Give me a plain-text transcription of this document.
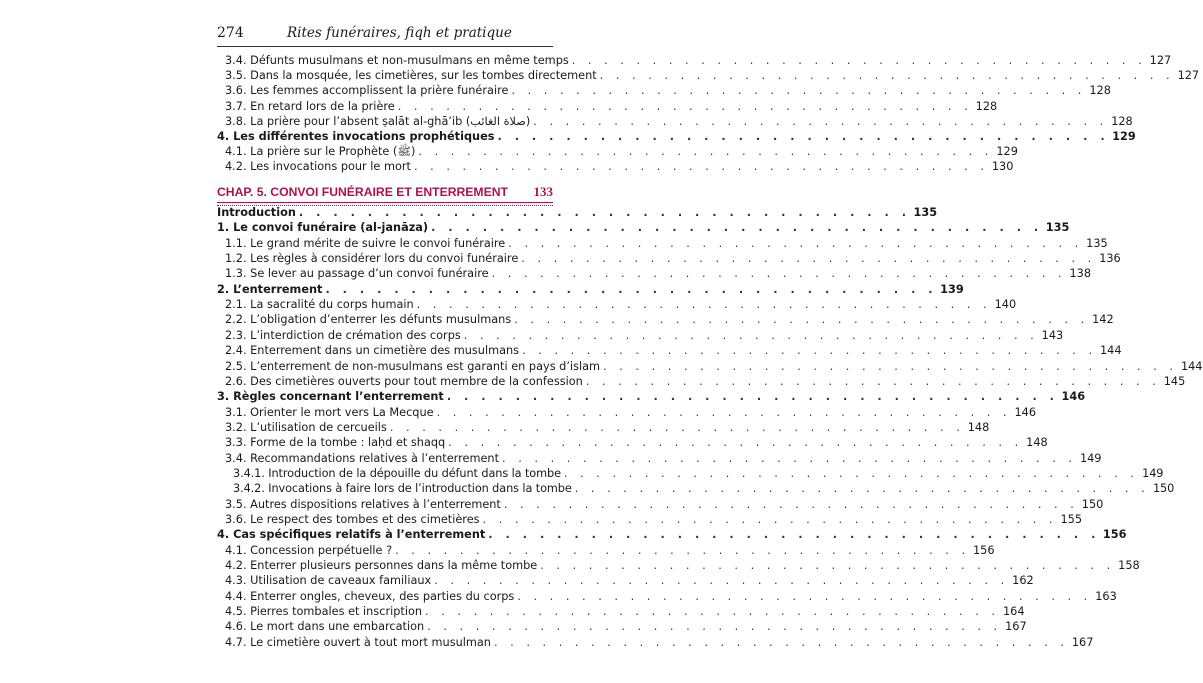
274	Rites funéraires, fiqh et pratique
3.4. Défunts musulmans et non-musulmans en même temps . . . . . . . . . . . . . . . . . . . . . . . . . . . . . . . . . . . . 127
3.5. Dans la mosquée, les cimetières, sur les tombes directement . . . . . . . . . . . . . . . . . . . . . . . . . . . . . . . . . . . . 127
3.6. Les femmes accomplissent la prière funéraire . . . . . . . . . . . . . . . . . . . . . . . . . . . . . . . . . . . . 128
3.7. En retard lors de la prière . . . . . . . . . . . . . . . . . . . . . . . . . . . . . . . . . . . . 128
3.8. La prière pour l’absent ṣalāt al-ghā’ib (صلاة الغائب) . . . . . . . . . . . . . . . . . . . . . . . . . . . . . . . . . . . . 128
4. Les différentes invocations prophétiques . . . . . . . . . . . . . . . . . . . . . . . . . . . . . . . . . . . . 129
4.1. La prière sur le Prophète (ﷺ) . . . . . . . . . . . . . . . . . . . . . . . . . . . . . . . . . . . . 129
4.2. Les invocations pour le mort . . . . . . . . . . . . . . . . . . . . . . . . . . . . . . . . . . . . 130
CHAP. 5. CONVOI FUNÉRAIRE ET ENTERREMENT 133
Introduction . . . . . . . . . . . . . . . . . . . . . . . . . . . . . . . . . . . . 135
1. Le convoi funéraire (al-janāza) . . . . . . . . . . . . . . . . . . . . . . . . . . . . . . . . . . . . 135
1.1. Le grand mérite de suivre le convoi funéraire . . . . . . . . . . . . . . . . . . . . . . . . . . . . . . . . . . . . 135
1.2. Les règles à considérer lors du convoi funéraire . . . . . . . . . . . . . . . . . . . . . . . . . . . . . . . . . . . . 136
1.3. Se lever au passage d’un convoi funéraire . . . . . . . . . . . . . . . . . . . . . . . . . . . . . . . . . . . . 138
2. L’enterrement . . . . . . . . . . . . . . . . . . . . . . . . . . . . . . . . . . . . 139
2.1. La sacralité du corps humain . . . . . . . . . . . . . . . . . . . . . . . . . . . . . . . . . . . . 140
2.2. L’obligation d’enterrer les défunts musulmans . . . . . . . . . . . . . . . . . . . . . . . . . . . . . . . . . . . . 142
2.3. L’interdiction de crémation des corps . . . . . . . . . . . . . . . . . . . . . . . . . . . . . . . . . . . . 143
2.4. Enterrement dans un cimetière des musulmans . . . . . . . . . . . . . . . . . . . . . . . . . . . . . . . . . . . . 144
2.5. L’enterrement de non-musulmans est garanti en pays d’islam . . . . . . . . . . . . . . . . . . . . . . . . . . . . . . . . . . . . 144
2.6. Des cimetières ouverts pour tout membre de la confession . . . . . . . . . . . . . . . . . . . . . . . . . . . . . . . . . . . . 145
3. Règles concernant l’enterrement . . . . . . . . . . . . . . . . . . . . . . . . . . . . . . . . . . . . 146
3.1. Orienter le mort vers La Mecque . . . . . . . . . . . . . . . . . . . . . . . . . . . . . . . . . . . . 146
3.2. L’utilisation de cercueils . . . . . . . . . . . . . . . . . . . . . . . . . . . . . . . . . . . . 148
3.3. Forme de la tombe : laḥd et shaqq . . . . . . . . . . . . . . . . . . . . . . . . . . . . . . . . . . . . 148
3.4. Recommandations relatives à l’enterrement . . . . . . . . . . . . . . . . . . . . . . . . . . . . . . . . . . . . 149
3.4.1. Introduction de la dépouille du défunt dans la tombe . . . . . . . . . . . . . . . . . . . . . . . . . . . . . . . . . . . . 149
3.4.2. Invocations à faire lors de l’introduction dans la tombe . . . . . . . . . . . . . . . . . . . . . . . . . . . . . . . . . . . . 150
3.5. Autres dispositions relatives à l’enterrement . . . . . . . . . . . . . . . . . . . . . . . . . . . . . . . . . . . . 150
3.6. Le respect des tombes et des cimetières . . . . . . . . . . . . . . . . . . . . . . . . . . . . . . . . . . . . 155
4. Cas spécifiques relatifs à l’enterrement . . . . . . . . . . . . . . . . . . . . . . . . . . . . . . . . . . . . 156
4.1. Concession perpétuelle ? . . . . . . . . . . . . . . . . . . . . . . . . . . . . . . . . . . . . 156
4.2. Enterrer plusieurs personnes dans la même tombe . . . . . . . . . . . . . . . . . . . . . . . . . . . . . . . . . . . . 158
4.3. Utilisation de caveaux familiaux . . . . . . . . . . . . . . . . . . . . . . . . . . . . . . . . . . . . 162
4.4. Enterrer ongles, cheveux, des parties du corps . . . . . . . . . . . . . . . . . . . . . . . . . . . . . . . . . . . . 163
4.5. Pierres tombales et inscription . . . . . . . . . . . . . . . . . . . . . . . . . . . . . . . . . . . . 164
4.6. Le mort dans une embarcation . . . . . . . . . . . . . . . . . . . . . . . . . . . . . . . . . . . . 167
4.7. Le cimetière ouvert à tout mort musulman . . . . . . . . . . . . . . . . . . . . . . . . . . . . . . . . . . . . 167
